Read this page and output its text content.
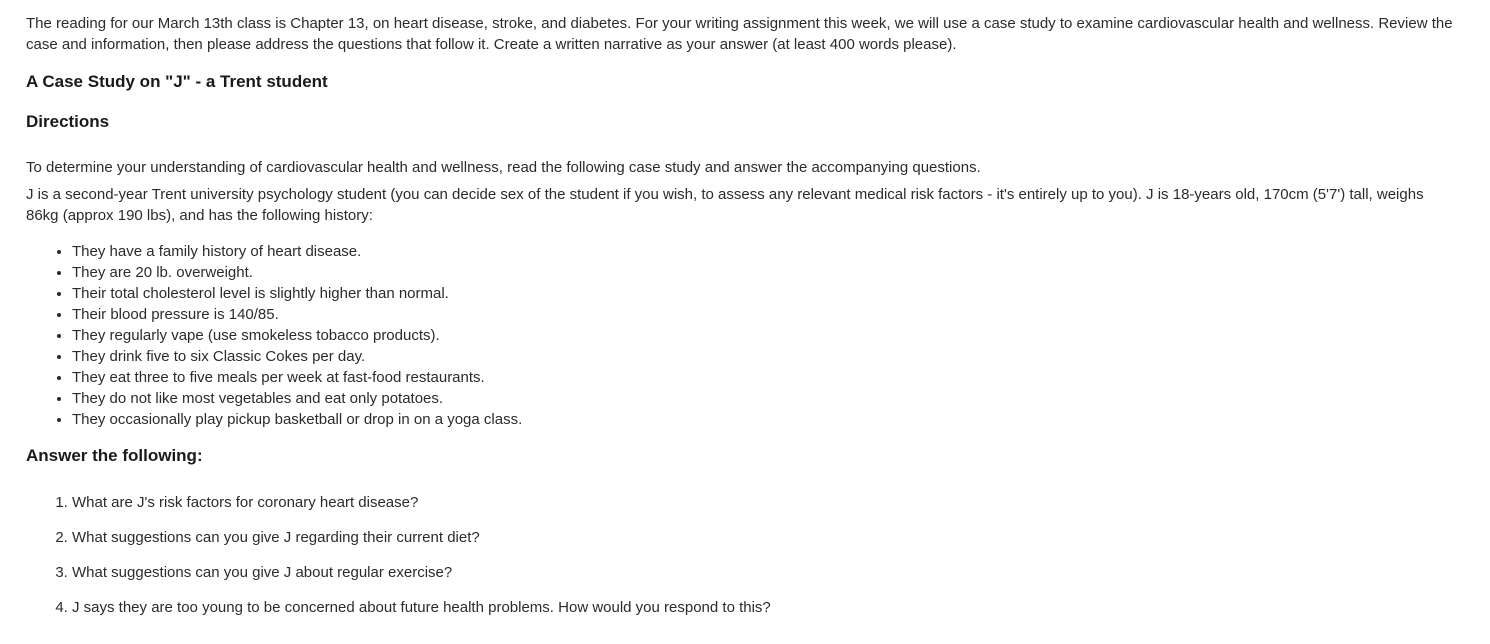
The reading for our March 13th class is Chapter 13, on heart disease, stroke, and diabetes. For your writing assignment this week, we will use a case study to examine cardiovascular health and wellness. Review the case and information, then please address the questions that follow it. Create a written narrative as your answer (at least 400 words please).

A Case Study on "J" - a Trent student
Directions

To determine your understanding of cardiovascular health and wellness, read the following case study and answer the accompanying questions.

J is a second-year Trent university psychology student (you can decide sex of the student if you wish, to assess any relevant medical risk factors - it's entirely up to you). J is 18-years old, 170cm (5'7') tall, weighs 86kg (approx 190 lbs), and has the following history:

• They have a family history of heart disease.
• They are 20 lb. overweight.
• Their total cholesterol level is slightly higher than normal.
• Their blood pressure is 140/85.
• They regularly vape (use smokeless tobacco products).
• They drink five to six Classic Cokes per day.
• They eat three to five meals per week at fast-food restaurants.
• They do not like most vegetables and eat only potatoes.
• They occasionally play pickup basketball or drop in on a yoga class.
Answer the following:
1. What are J's risk factors for coronary heart disease?
2. What suggestions can you give J regarding their current diet?
3. What suggestions can you give J about regular exercise?
4. J says they are too young to be concerned about future health problems. How would you respond to this?
